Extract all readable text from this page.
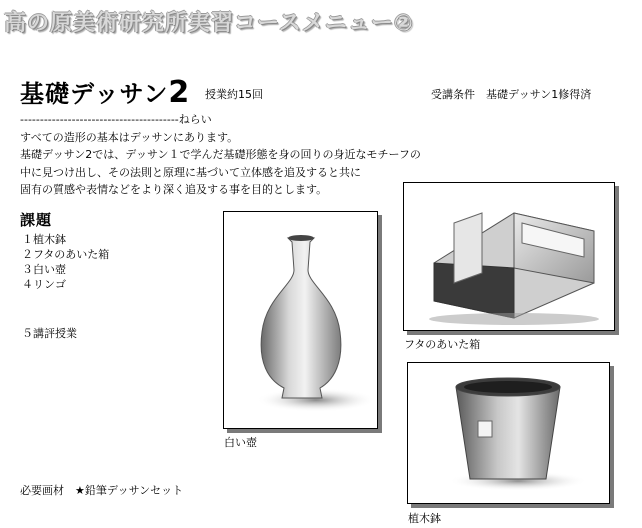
高の原美術研究所実習コースメニュー②
基礎デッサン2 授業約15回	受講条件　基礎デッサン1修得済
----------------------------------------ねらい
すべての造形の基本はデッサンにあります。
基礎デッサン2では、デッサン１で学んだ基礎形態を身の回りの身近なモチーフの
中に見つけ出し、その法則と原理に基づいて立体感を追及すると共に
固有の質感や表情などをより深く追及する事を目的とします。
課題
１植木鉢
２フタのあいた箱
３白い壺
４リンゴ
５講評授業
必要画材　★鉛筆デッサンセット
白い壺
フタのあいた箱
植木鉢
